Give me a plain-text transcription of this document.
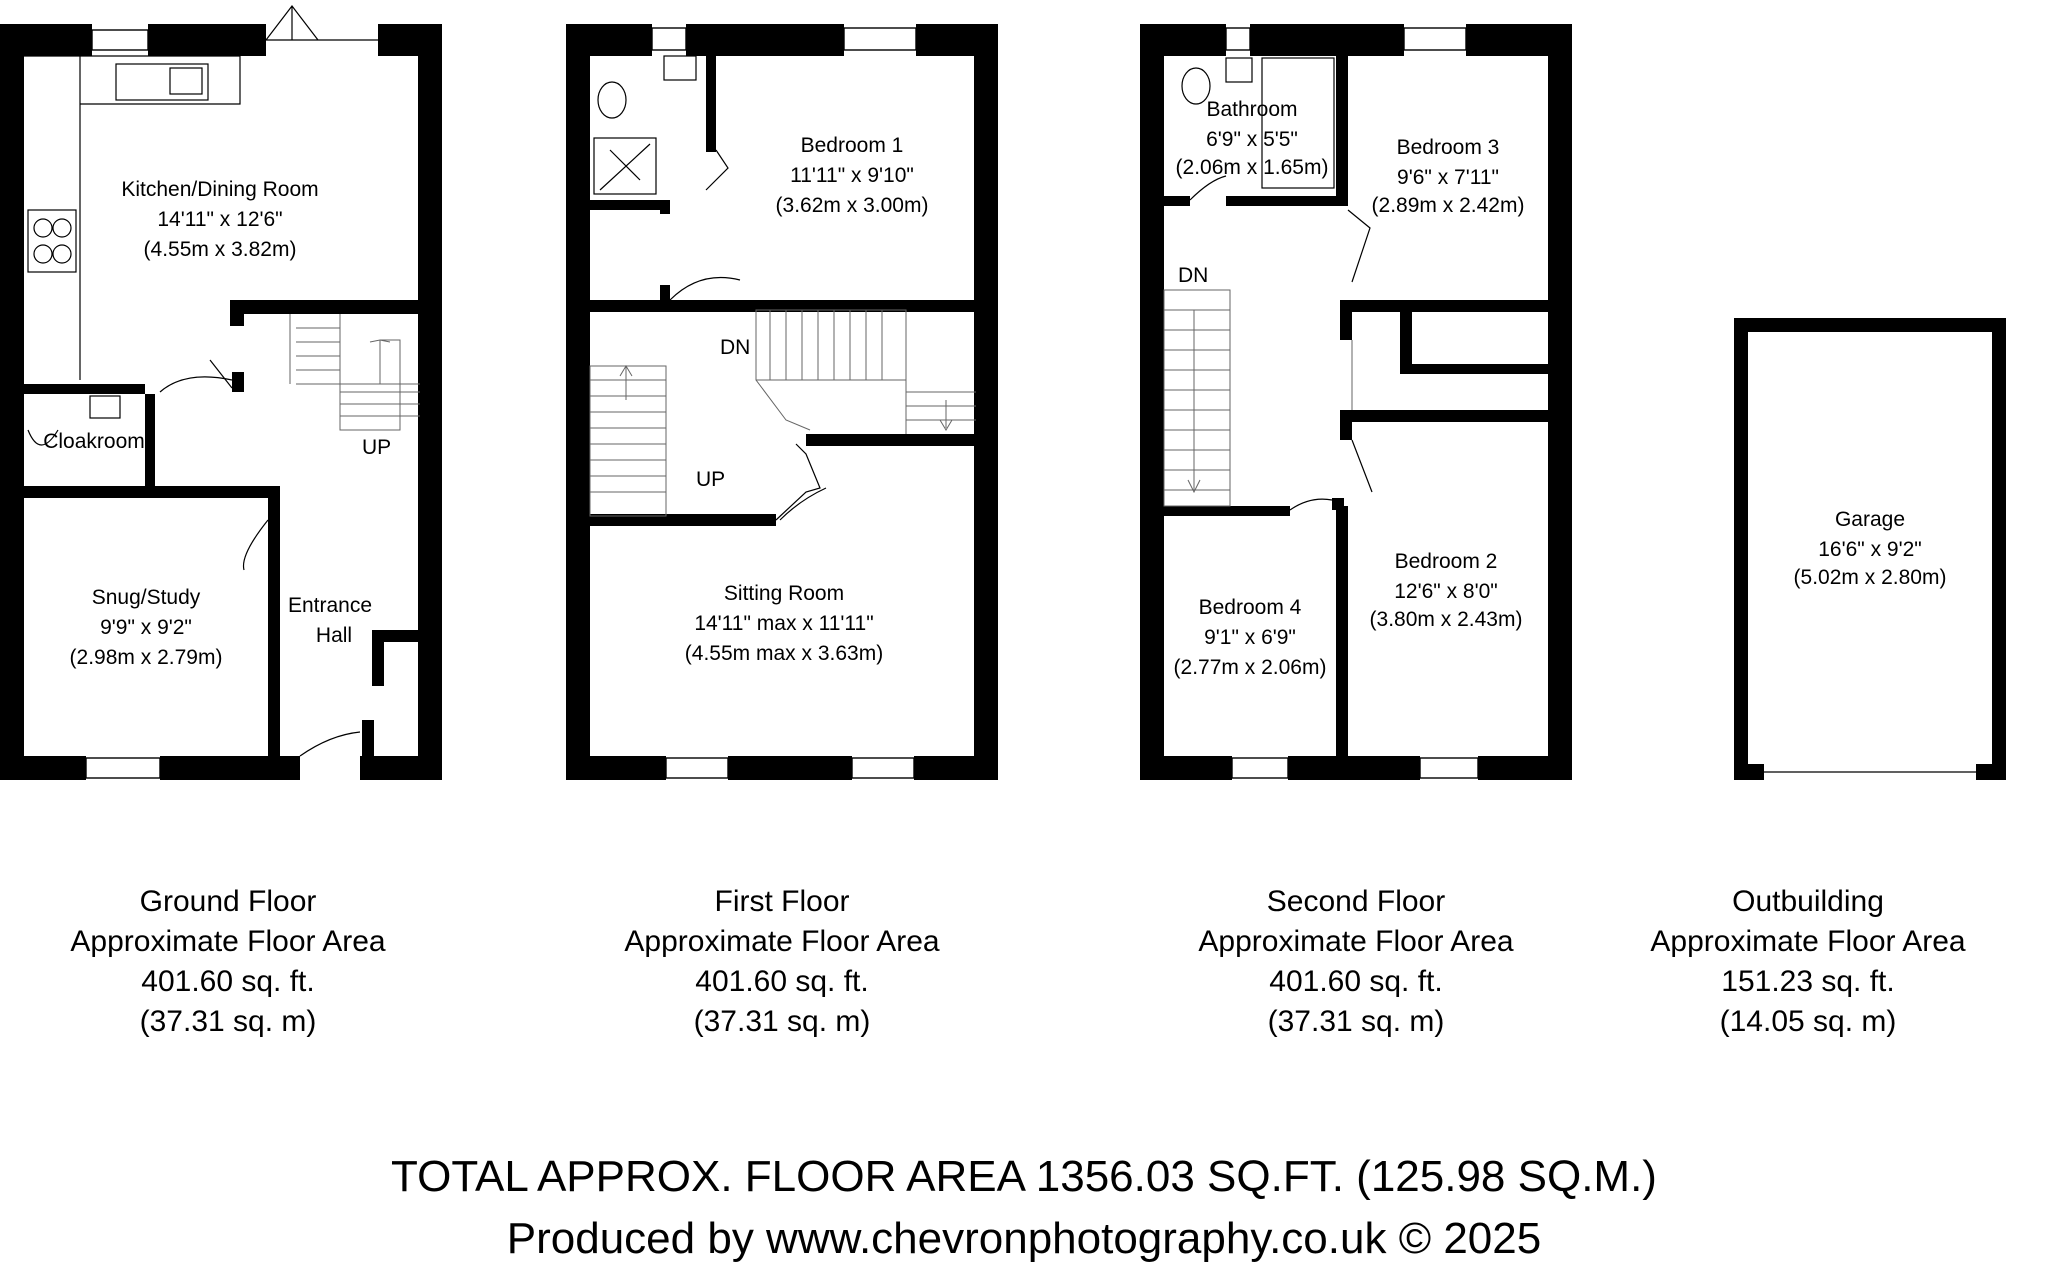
Kitchen/Dining Room
14'11" x 12'6"
(4.55m x 3.82m)
Cloakroom
Snug/Study
9'9" x 9'2"
(2.98m x 2.79m)
Entrance
Hall
UP
Bedroom 1
11'11" x 9'10"
(3.62m x 3.00m)
Sitting Room
14'11" max x 11'11"
(4.55m max x 3.63m)
DN
UP
Bathroom
6'9" x 5'5"
(2.06m x 1.65m)
Bedroom 3
9'6" x 7'11"
(2.89m x 2.42m)
Bedroom 4
9'1" x 6'9"
(2.77m x 2.06m)
Bedroom 2
12'6" x 8'0"
(3.80m x 2.43m)
DN
Garage
16'6" x 9'2"
(5.02m x 2.80m)
Ground Floor
Approximate Floor Area
401.60 sq. ft.
(37.31 sq. m)
First Floor
Approximate Floor Area
401.60 sq. ft.
(37.31 sq. m)
Second Floor
Approximate Floor Area
401.60 sq. ft.
(37.31 sq. m)
Outbuilding
Approximate Floor Area
151.23 sq. ft.
(14.05 sq. m)
TOTAL APPROX. FLOOR AREA 1356.03 SQ.FT. (125.98 SQ.M.)
Produced by www.chevronphotography.co.uk © 2025
